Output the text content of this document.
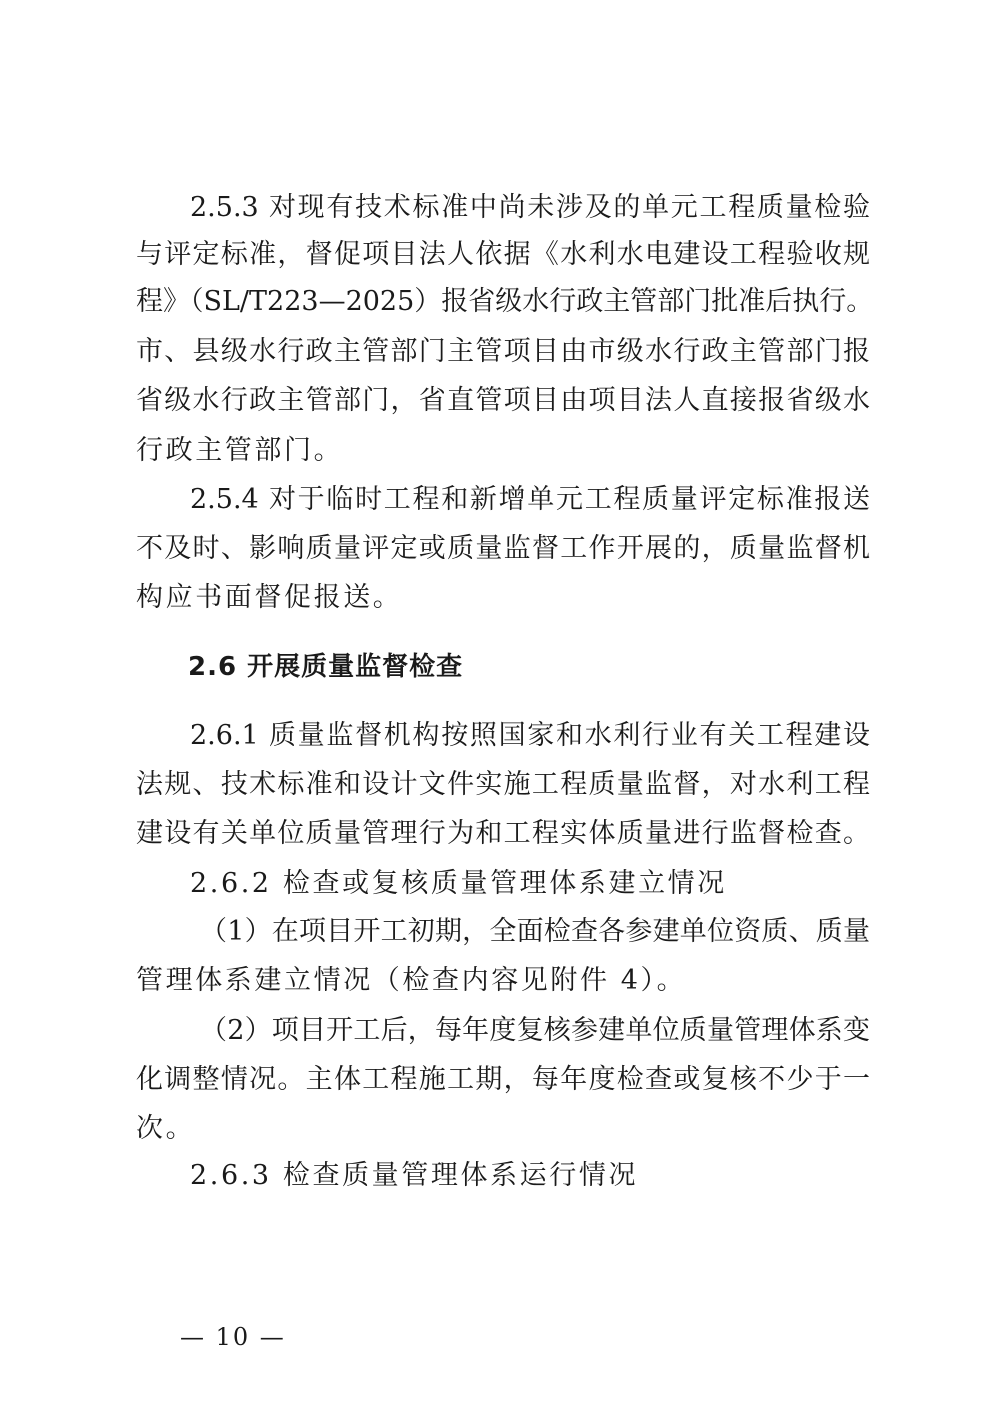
2.5.3 对现有技术标准中尚未涉及的单元工程质量检验
与评定标准，督促项目法人依据《水利水电建设工程验收规
程》（SL/T223—2025）报省级水行政主管部门批准后执行。
市、县级水行政主管部门主管项目由市级水行政主管部门报
省级水行政主管部门，省直管项目由项目法人直接报省级水
行政主管部门。
2.5.4 对于临时工程和新增单元工程质量评定标准报送
不及时、影响质量评定或质量监督工作开展的，质量监督机
构应书面督促报送。
2.6 开展质量监督检查
2.6.1 质量监督机构按照国家和水利行业有关工程建设
法规、技术标准和设计文件实施工程质量监督，对水利工程
建设有关单位质量管理行为和工程实体质量进行监督检查。
2.6.2 检查或复核质量管理体系建立情况
（1）在项目开工初期，全面检查各参建单位资质、质量
管理体系建立情况（检查内容见附件 4）。
（2）项目开工后，每年度复核参建单位质量管理体系变
化调整情况。主体工程施工期，每年度检查或复核不少于一
次。
2.6.3 检查质量管理体系运行情况
— 10 —
